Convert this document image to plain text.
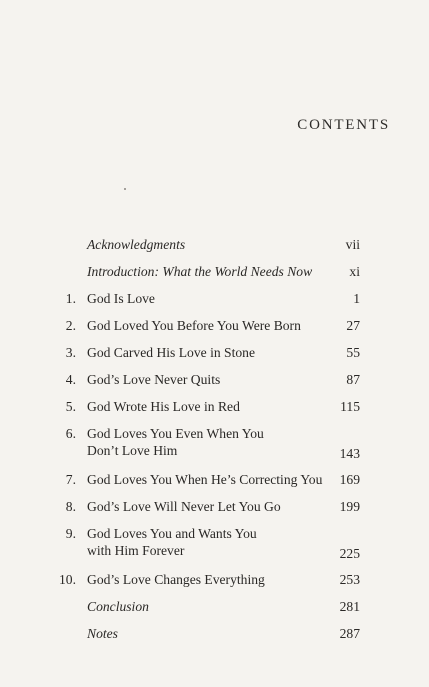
CONTENTS
Acknowledgments	vii
Introduction: What the World Needs Now	xi
1. God Is Love	1
2. God Loved You Before You Were Born	27
3. God Carved His Love in Stone	55
4. God’s Love Never Quits	87
5. God Wrote His Love in Red	115
6. God Loves You Even When You
Don’t Love Him	143
7. God Loves You When He’s Correcting You	169
8. God’s Love Will Never Let You Go	199
9. God Loves You and Wants You
with Him Forever	225
10. God’s Love Changes Everything	253
Conclusion	281
Notes	287
